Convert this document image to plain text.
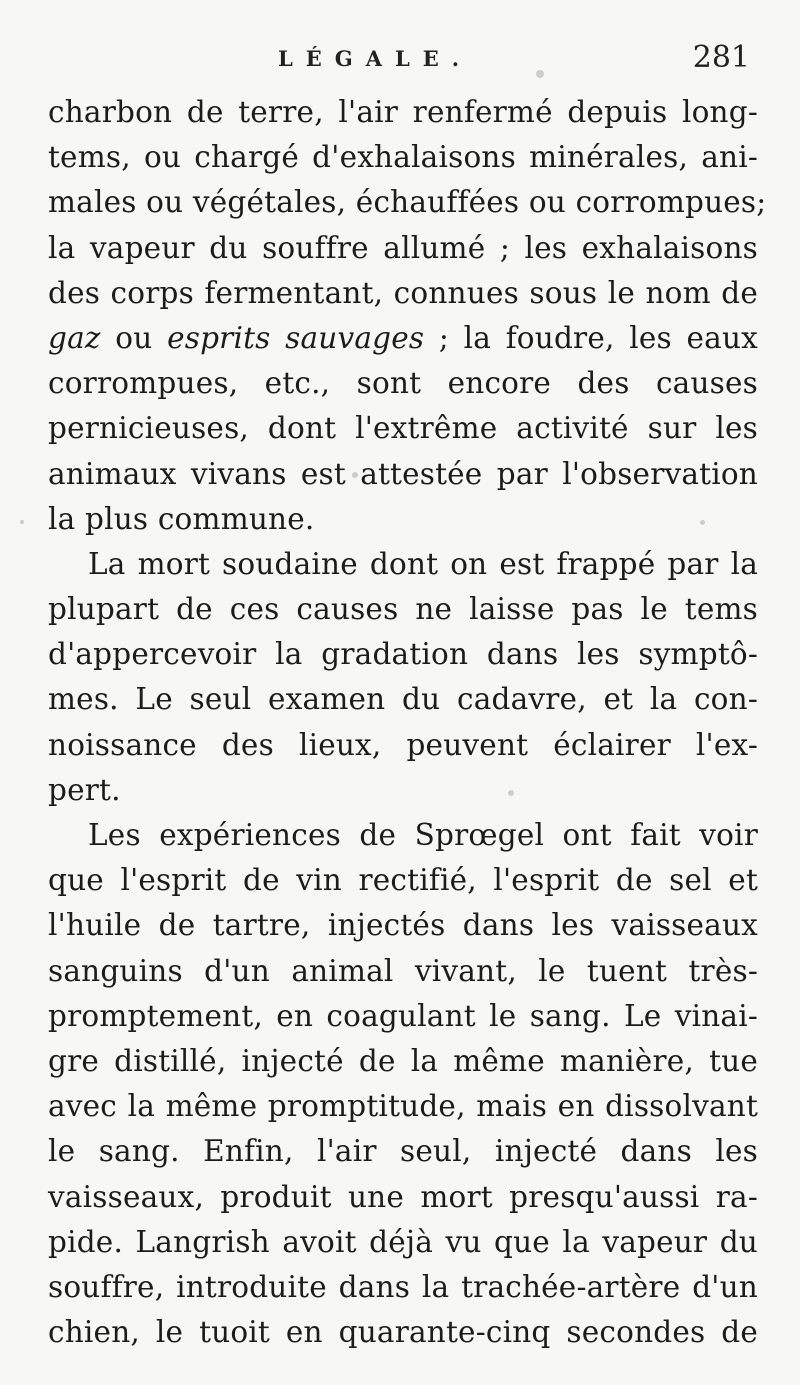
LÉGALE.	281
charbon de terre, l'air renfermé depuis long-
tems, ou chargé d'exhalaisons minérales, ani-
males ou végétales, échauffées ou corrompues;
la vapeur du souffre allumé ; les exhalaisons
des corps fermentant, connues sous le nom de
gaz ou esprits sauvages ; la foudre, les eaux
corrompues, etc., sont encore des causes
pernicieuses, dont l'extrême activité sur les
animaux vivans est attestée par l'observation
la plus commune.
La mort soudaine dont on est frappé par la
plupart de ces causes ne laisse pas le tems
d'appercevoir la gradation dans les symptô-
mes. Le seul examen du cadavre, et la con-
noissance des lieux, peuvent éclairer l'ex-
pert.
Les expériences de Sprœgel ont fait voir
que l'esprit de vin rectifié, l'esprit de sel et
l'huile de tartre, injectés dans les vaisseaux
sanguins d'un animal vivant, le tuent très-
promptement, en coagulant le sang. Le vinai-
gre distillé, injecté de la même manière, tue
avec la même promptitude, mais en dissolvant
le sang. Enfin, l'air seul, injecté dans les
vaisseaux, produit une mort presqu'aussi ra-
pide. Langrish avoit déjà vu que la vapeur du
souffre, introduite dans la trachée-artère d'un
chien, le tuoit en quarante-cinq secondes de
